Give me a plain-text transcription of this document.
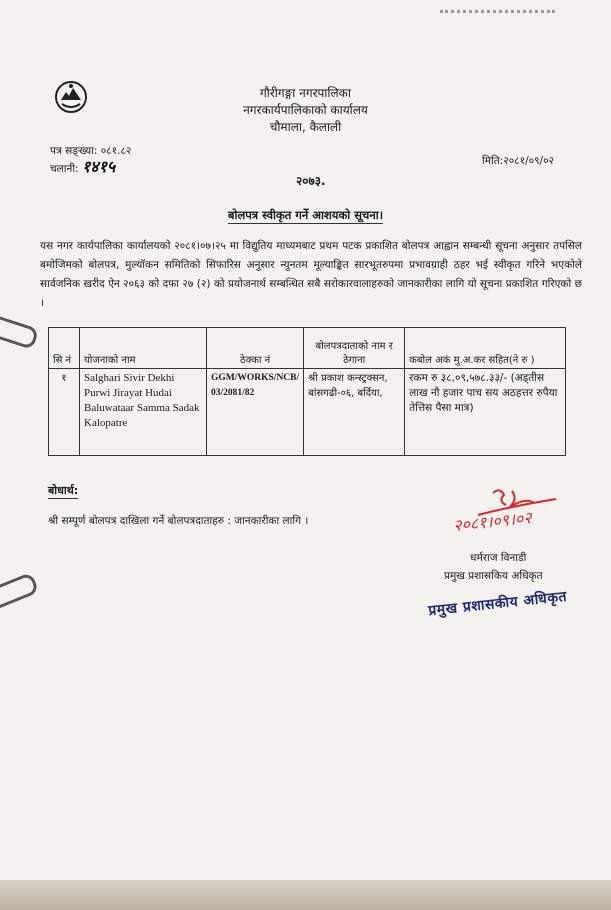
गौरीगङ्गा नगरपालिका
नगरकार्यपालिकाको कार्यालय
चौमाला, कैलाली
२०७३.
पत्र सङ्ख्या: ०८१.८२
चलानी: १४१५	मिति:२०८१/०९/०२
बोलपत्र स्वीकृत गर्ने आशयको सूचना।
यस नगर कार्यपालिका कार्यालयको २०८१।०७।२५ मा विद्युतिय माध्यमबाट प्रथम पटक प्रकाशित बोलपत्र आह्वान सम्बन्धी सूचना अनुसार तपसिल बमोजिमको बोलपत्र, मुल्यॉकन समितिको सिफारिस अनुसार न्युनतम मूल्याङ्कित सारभूतरुपमा प्रभावग्राही ठहर भई स्वीकृत गरिने भएकोले सार्वजनिक खरीद ऐन २०६३ को दफा २७ (२) को प्रयोजनार्थ सम्बन्धित सबै सरोकारवालाहरुको जानकारीका लागि यो सूचना प्रकाशित गरिएको छ ।
सि नं	योजनाको नाम	ठेक्का नं	बोलपत्रदाताको नाम र ठेगाना	कबोल अकं मु.अ.कर सहित(ने रु )
१	Salghari Sivir Dekhi Purwi Jirayat Hudai Baluwataar Samma Sadak Kalopatre	GGM/WORKS/NCB/ 03/2081/82	श्री प्रकाश कन्स्ट्रक्सन, बांसगढी-०६, बर्दिया,	रकम रु ३८,०९,५७८.३३/- (अड्तीस लाख नौ हजार पाच सय अठहत्तर रुपैया तेत्तिस पैसा मात्र)
बोधार्थ:
श्री सम्पूर्ण बोलपत्र दाखिला गर्ने बोलपत्रदाताहरु : जानकारीका लागि ।	२०८१।०९।०२
धर्मराज विनाडी
प्रमुख प्रशासकिय अधिकृत
प्रमुख प्रशासकीय अधिकृत
